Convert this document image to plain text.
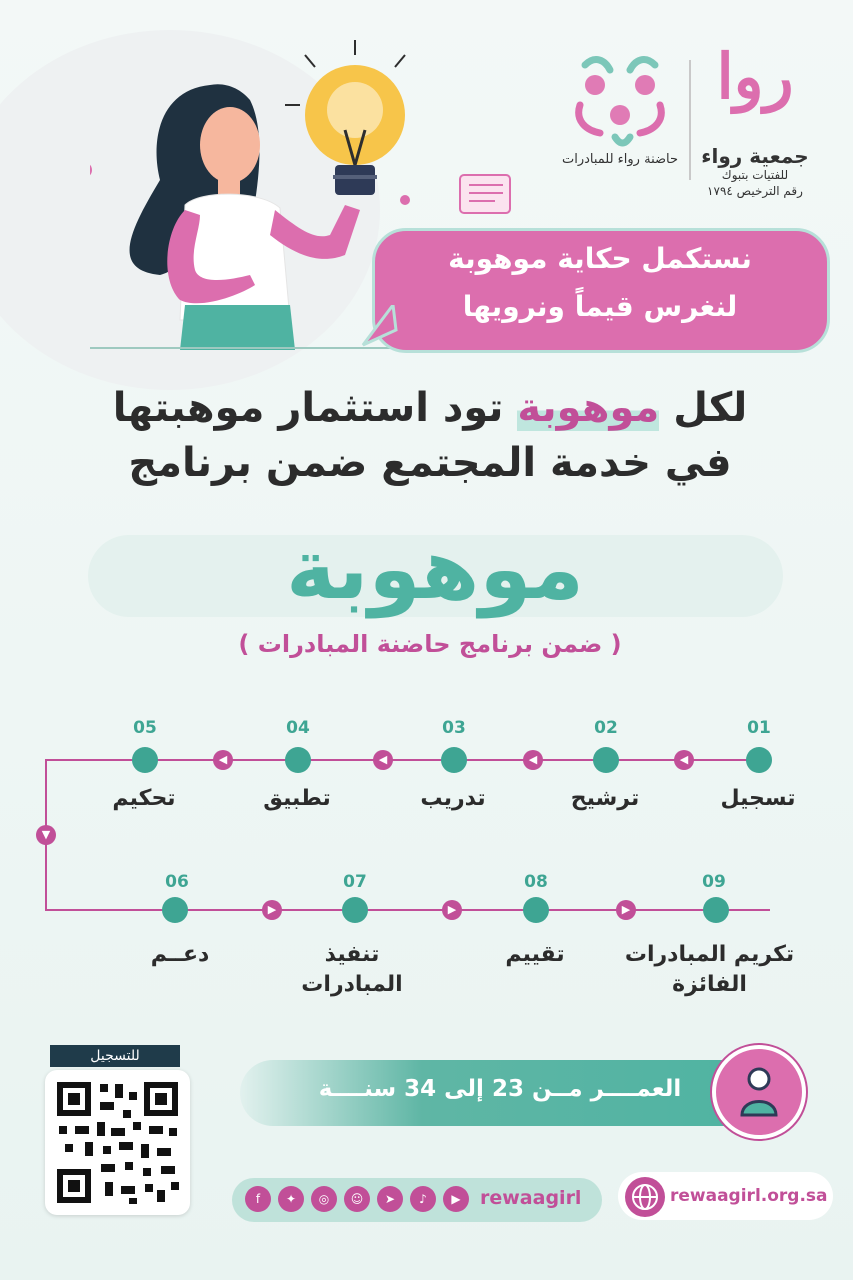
حاضنة رواء للمبادرات
روا
جمعية رواء
للفتيات بتبوك
رقم الترخيص ١٧٩٤
نستكمل حكاية موهوبة
لنغرس قيماً ونرويها
لكل موهوبة تود استثمار موهبتها
في خدمة المجتمع ضمن برنامج
موهوبة
( ضمن برنامج حاضنة المبادرات )
▼
◀
◀
◀
◀
▶	▶	▶
01
تسجيل
02
ترشيح
03
تدريب
04
تطبيق
05
تحكيم
06
دعــم
07
تنفيذ المبادرات
08
تقييم
09
تكريم المبادرات الفائزة
للتسجيل
العمــــر مــن 23 إلى 34 سنــــة
f	✦	◎	☺	➤	♪	▶	rewaagirl	rewaagirl.org.sa
